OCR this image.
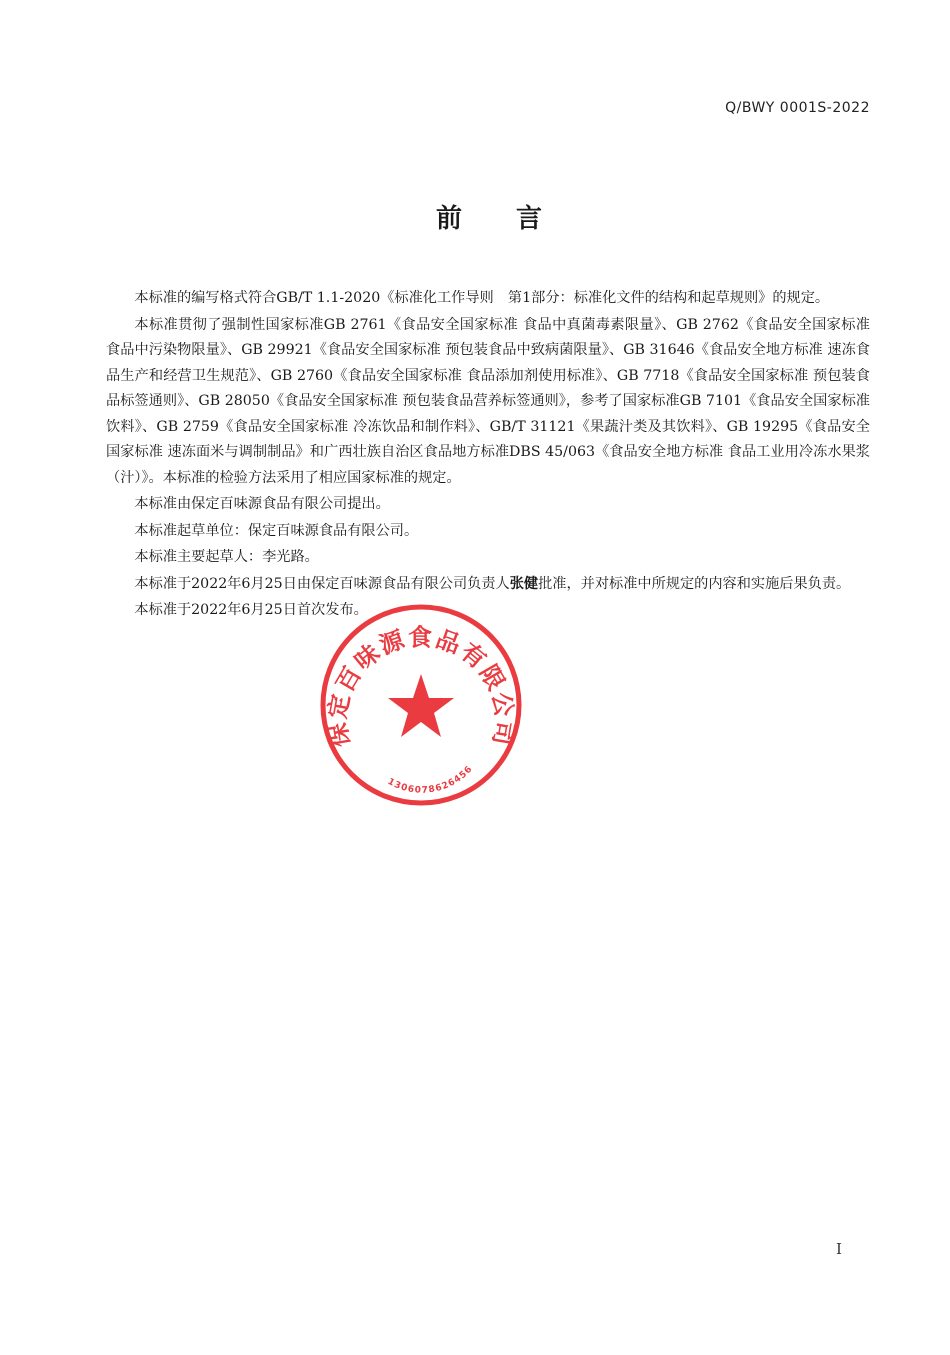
Q/BWY 0001S-2022
前 言

本标准的编写格式符合GB/T 1.1-2020《标准化工作导则　第1部分：标准化文件的结构和起草规则》的规定。

本标准贯彻了强制性国家标准GB 2761《食品安全国家标准 食品中真菌毒素限量》、GB 2762《食品安全国家标准 食品中污染物限量》、GB 29921《食品安全国家标准 预包装食品中致病菌限量》、GB 31646《食品安全地方标准 速冻食品生产和经营卫生规范》、GB 2760《食品安全国家标准 食品添加剂使用标准》、GB 7718《食品安全国家标准 预包装食品标签通则》、GB 28050《食品安全国家标准 预包装食品营养标签通则》，参考了国家标准GB 7101《食品安全国家标准 饮料》、GB 2759《食品安全国家标准 冷冻饮品和制作料》、GB/T 31121《果蔬汁类及其饮料》、GB 19295《食品安全国家标准 速冻面米与调制制品》和广西壮族自治区食品地方标准DBS 45/063《食品安全地方标准 食品工业用冷冻水果浆（汁）》。本标准的检验方法采用了相应国家标准的规定。

本标准由保定百味源食品有限公司提出。

本标准起草单位：保定百味源食品有限公司。

本标准主要起草人：李光路。

本标准于2022年6月25日由保定百味源食品有限公司负责人张健批准，并对标准中所规定的内容和实施后果负责。

本标准于2022年6月25日首次发布。

保定百味源食品有限公司
1306078626456
I
